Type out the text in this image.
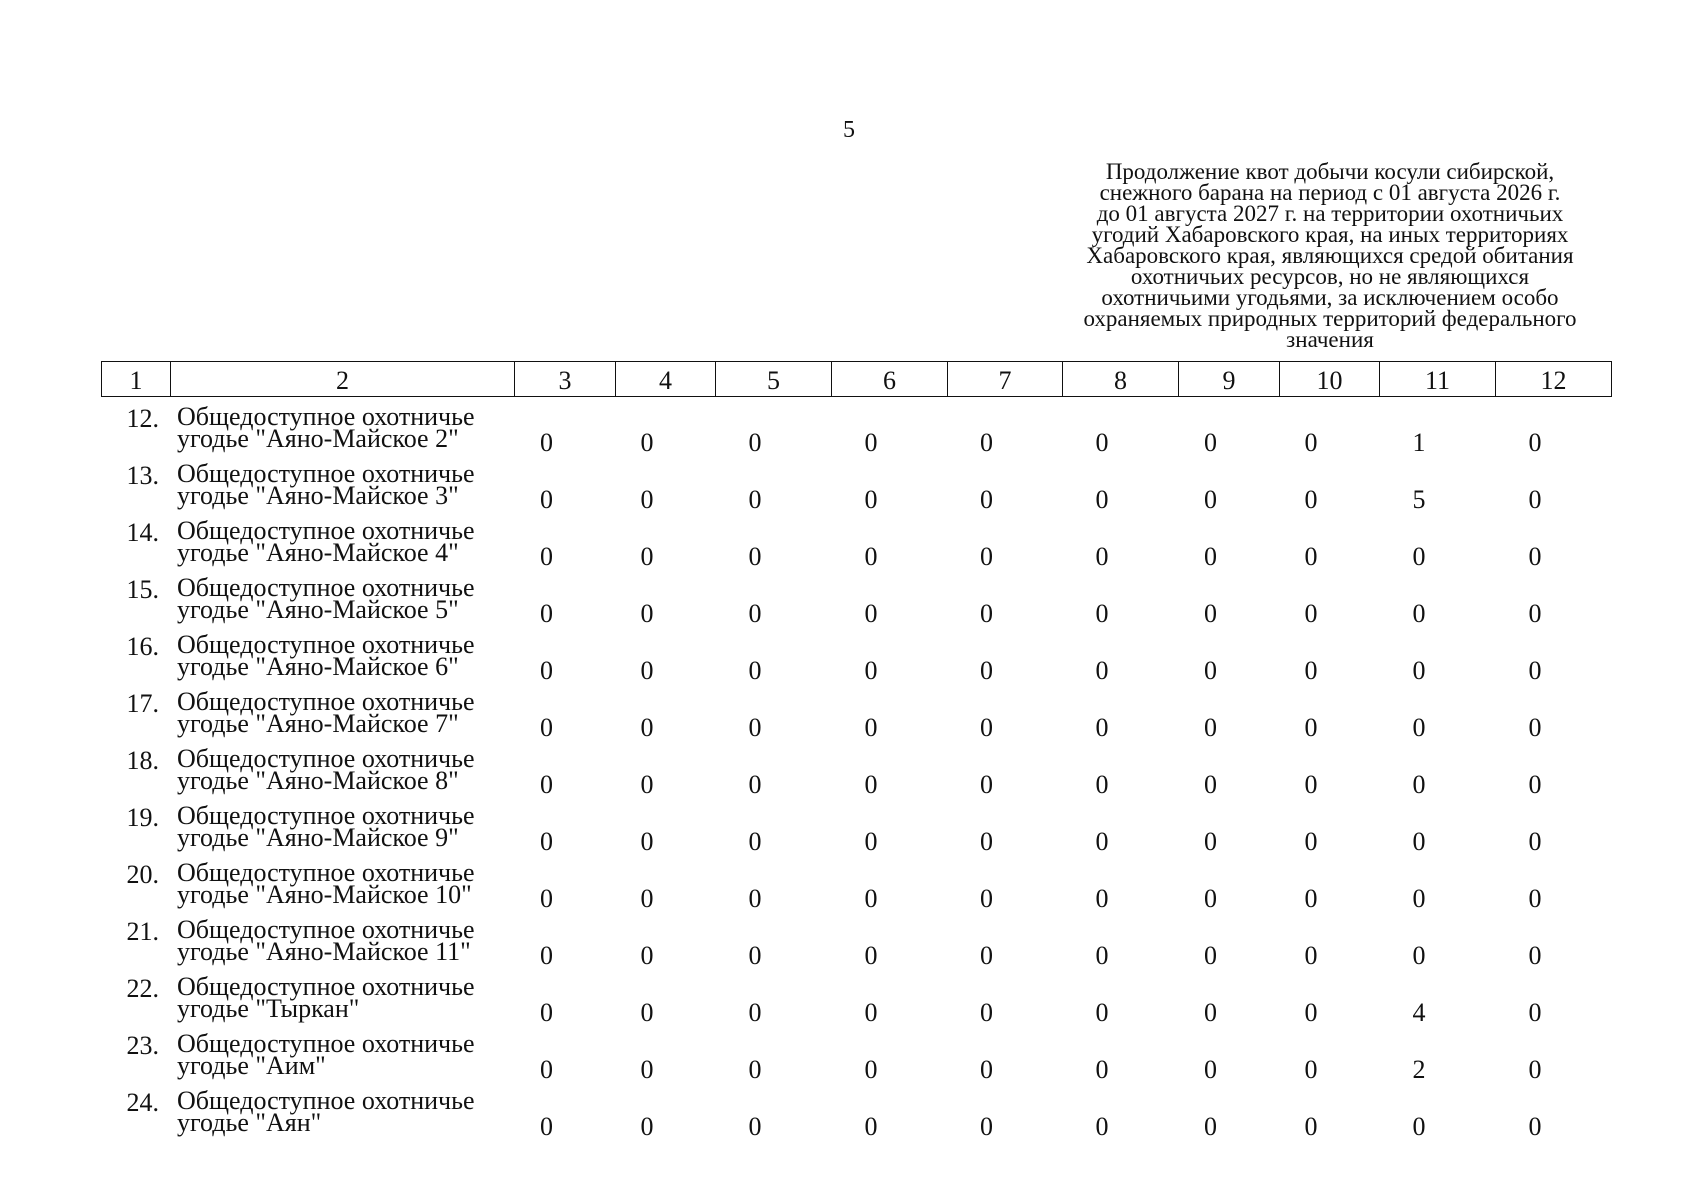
5
Продолжение квот добычи косули сибирской,
снежного барана на период с 01 августа 2026 г.
до 01 августа 2027 г. на территории охотничьих
угодий Хабаровского края, на иных территориях
Хабаровского края, являющихся средой обитания
охотничьих ресурсов, но не являющихся
охотничьими угодьями, за исключением особо
охраняемых природных территорий федерального
значения
1	2	3	4	5	6	7	8	9	10	11	12
12. Общедоступное охотничье
угодье "Аяно-Майское 2"	0	0	0	0	0	0	0	0	1	0
13. Общедоступное охотничье
угодье "Аяно-Майское 3"	0	0	0	0	0	0	0	0	5	0
14. Общедоступное охотничье
угодье "Аяно-Майское 4"	0	0	0	0	0	0	0	0	0	0
15. Общедоступное охотничье
угодье "Аяно-Майское 5"	0	0	0	0	0	0	0	0	0	0
16. Общедоступное охотничье
угодье "Аяно-Майское 6"	0	0	0	0	0	0	0	0	0	0
17. Общедоступное охотничье
угодье "Аяно-Майское 7"	0	0	0	0	0	0	0	0	0	0
18. Общедоступное охотничье
угодье "Аяно-Майское 8"	0	0	0	0	0	0	0	0	0	0
19. Общедоступное охотничье
угодье "Аяно-Майское 9"	0	0	0	0	0	0	0	0	0	0
20. Общедоступное охотничье
угодье "Аяно-Майское 10"	0	0	0	0	0	0	0	0	0	0
21. Общедоступное охотничье
угодье "Аяно-Майское 11"	0	0	0	0	0	0	0	0	0	0
22. Общедоступное охотничье
угодье "Тыркан"	0	0	0	0	0	0	0	0	4	0
23. Общедоступное охотничье
угодье "Аим"	0	0	0	0	0	0	0	0	2	0
24. Общедоступное охотничье
угодье "Аян"	0	0	0	0	0	0	0	0	0	0
